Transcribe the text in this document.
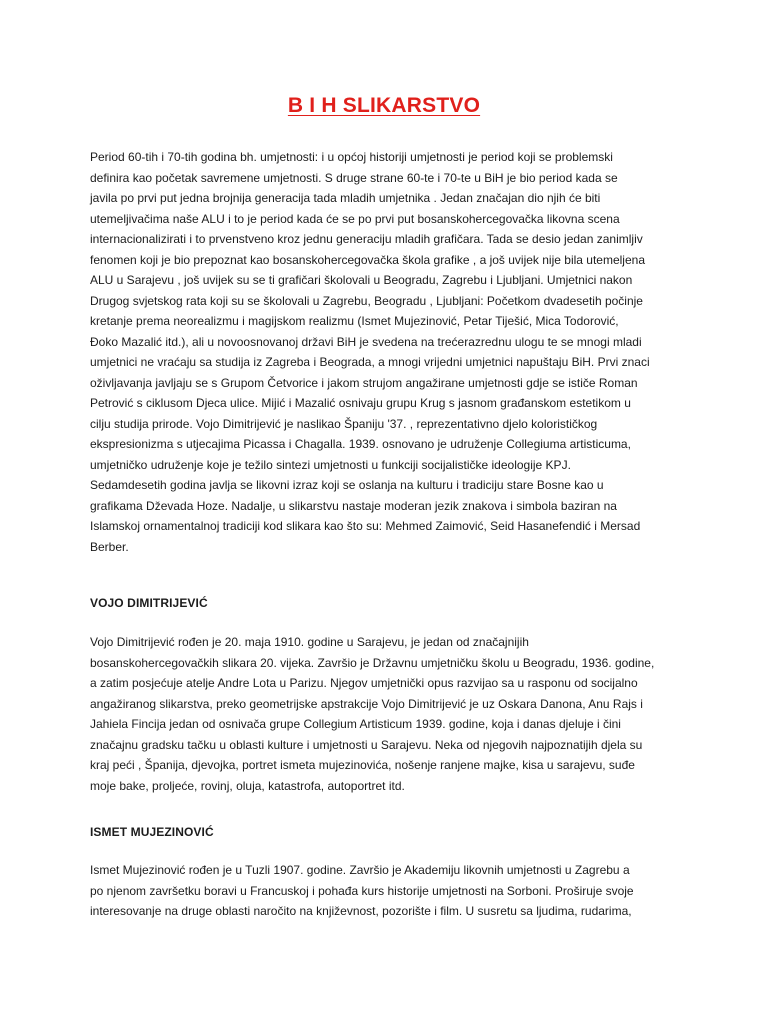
B I H SLIKARSTVO
Period 60-tih i 70-tih godina bh. umjetnosti: i u općoj historiji umjetnosti je period koji se problemski
definira kao početak savremene umjetnosti. S druge strane 60-te i 70-te u BiH je bio period kada se
javila po prvi put jedna brojnija generacija tada mladih umjetnika . Jedan značajan dio njih će biti
utemeljivačima naše ALU i to je period kada će se po prvi put bosanskohercegovačka likovna scena
internacionalizirati i to prvenstveno kroz jednu generaciju mladih grafičara. Tada se desio jedan zanimljiv
fenomen koji je bio prepoznat kao bosanskohercegovačka škola grafike , a još uvijek nije bila utemeljena
ALU u Sarajevu , još uvijek su se ti grafičari školovali u Beogradu, Zagrebu i Ljubljani. Umjetnici nakon
Drugog svjetskog rata koji su se školovali u Zagrebu, Beogradu , Ljubljani: Početkom dvadesetih počinje
kretanje prema neorealizmu i magijskom realizmu (Ismet Mujezinović, Petar Tiješić, Mica Todorović,
Đoko Mazalić itd.), ali u novoosnovanoj državi BiH je svedena na trećerazrednu ulogu te se mnogi mladi
umjetnici ne vraćaju sa studija iz Zagreba i Beograda, a mnogi vrijedni umjetnici napuštaju BiH. Prvi znaci
oživljavanja javljaju se s Grupom Četvorice i jakom strujom angažirane umjetnosti gdje se ističe Roman
Petrović s ciklusom Djeca ulice. Mijić i Mazalić osnivaju grupu Krug s jasnom građanskom estetikom u
cilju studija prirode. Vojo Dimitrijević je naslikao Španiju '37. , reprezentativno djelo kolorističkog
ekspresionizma s utjecajima Picassa i Chagalla. 1939. osnovano je udruženje Collegiuma artisticuma,
umjetničko udruženje koje je težilo sintezi umjetnosti u funkciji socijalističke ideologije KPJ.
Sedamdesetih godina javlja se likovni izraz koji se oslanja na kulturu i tradiciju stare Bosne kao u
grafikama Dževada Hoze. Nadalje, u slikarstvu nastaje moderan jezik znakova i simbola baziran na
Islamskoj ornamentalnoj tradiciji kod slikara kao što su: Mehmed Zaimović, Seid Hasanefendić i Mersad
Berber.
VOJO DIMITRIJEVIĆ
Vojo Dimitrijević rođen je 20. maja 1910. godine u Sarajevu, je jedan od značajnijih
bosanskohercegovačkih slikara 20. vijeka. Završio je Državnu umjetničku školu u Beogradu, 1936. godine,
a zatim posjećuje atelje Andre Lota u Parizu. Njegov umjetnički opus razvijao sa u rasponu od socijalno
angažiranog slikarstva, preko geometrijske apstrakcije Vojo Dimitrijević je uz Oskara Danona, Anu Rajs i
Jahiela Fincija jedan od osnivača grupe Collegium Artisticum 1939. godine, koja i danas djeluje i čini
značajnu gradsku tačku u oblasti kulture i umjetnosti u Sarajevu. Neka od njegovih najpoznatijih djela su
kraj peći , Španija, djevojka, portret ismeta mujezinovića, nošenje ranjene majke, kisa u sarajevu, suđe
moje bake, proljeće, rovinj, oluja, katastrofa, autoportret itd.
ISMET MUJEZINOVIĆ
Ismet Mujezinović rođen je u Tuzli 1907. godine. Završio je Akademiju likovnih umjetnosti u Zagrebu a
po njenom završetku boravi u Francuskoj i pohađa kurs historije umjetnosti na Sorboni. Proširuje svoje
interesovanje na druge oblasti naročito na književnost, pozorište i film. U susretu sa ljudima, rudarima,
